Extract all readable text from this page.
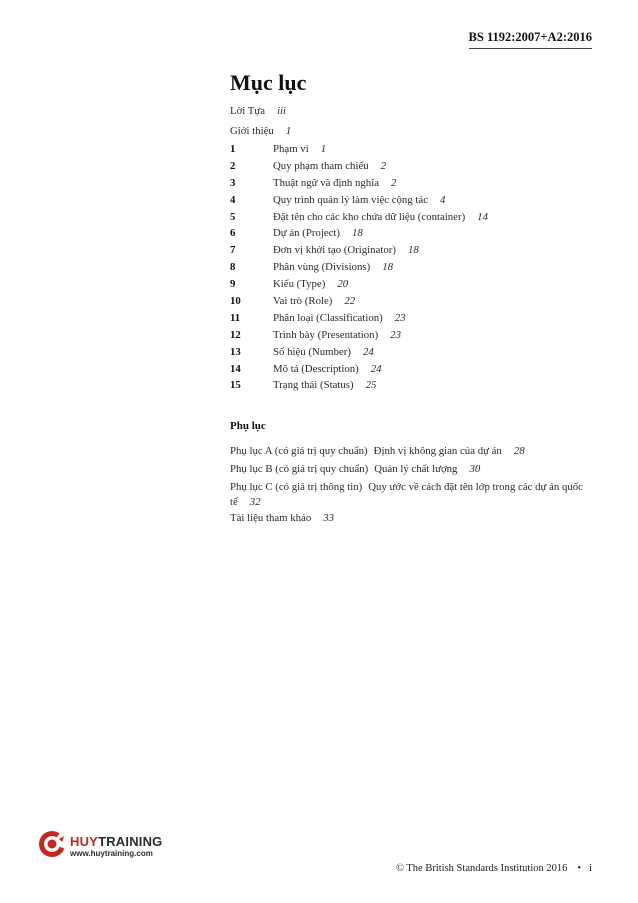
BS 1192:2007+A2:2016
Mục lục
Lời Tựa iii
Giới thiệu 1
1	Phạm vi 1
2	Quy phạm tham chiếu 2
3	Thuật ngữ và định nghĩa 2
4	Quy trình quản lý làm việc cộng tác 4
5	Đặt tên cho các kho chứa dữ liệu (container) 14
6	Dự án (Project) 18
7	Đơn vị khởi tạo (Originator) 18
8	Phân vùng (Divisions) 18
9	Kiểu (Type) 20
10	Vai trò (Role) 22
11	Phân loại (Classification) 23
12	Trình bày (Presentation) 23
13	Số hiệu (Number) 24
14	Mô tả (Description) 24
15	Trạng thái (Status) 25
Phụ lục
Phụ lục A (có giá trị quy chuẩn) Định vị không gian của dự án 28
Phụ lục B (có giá trị quy chuẩn) Quản lý chất lượng 30
Phụ lục C (có giá trị thông tin) Quy ước về cách đặt tên lớp trong các dự án quốc tế 32
Tài liệu tham khảo 33
HUYTRAINING
www.huytraining.com
© The British Standards Institution 2016 • i
